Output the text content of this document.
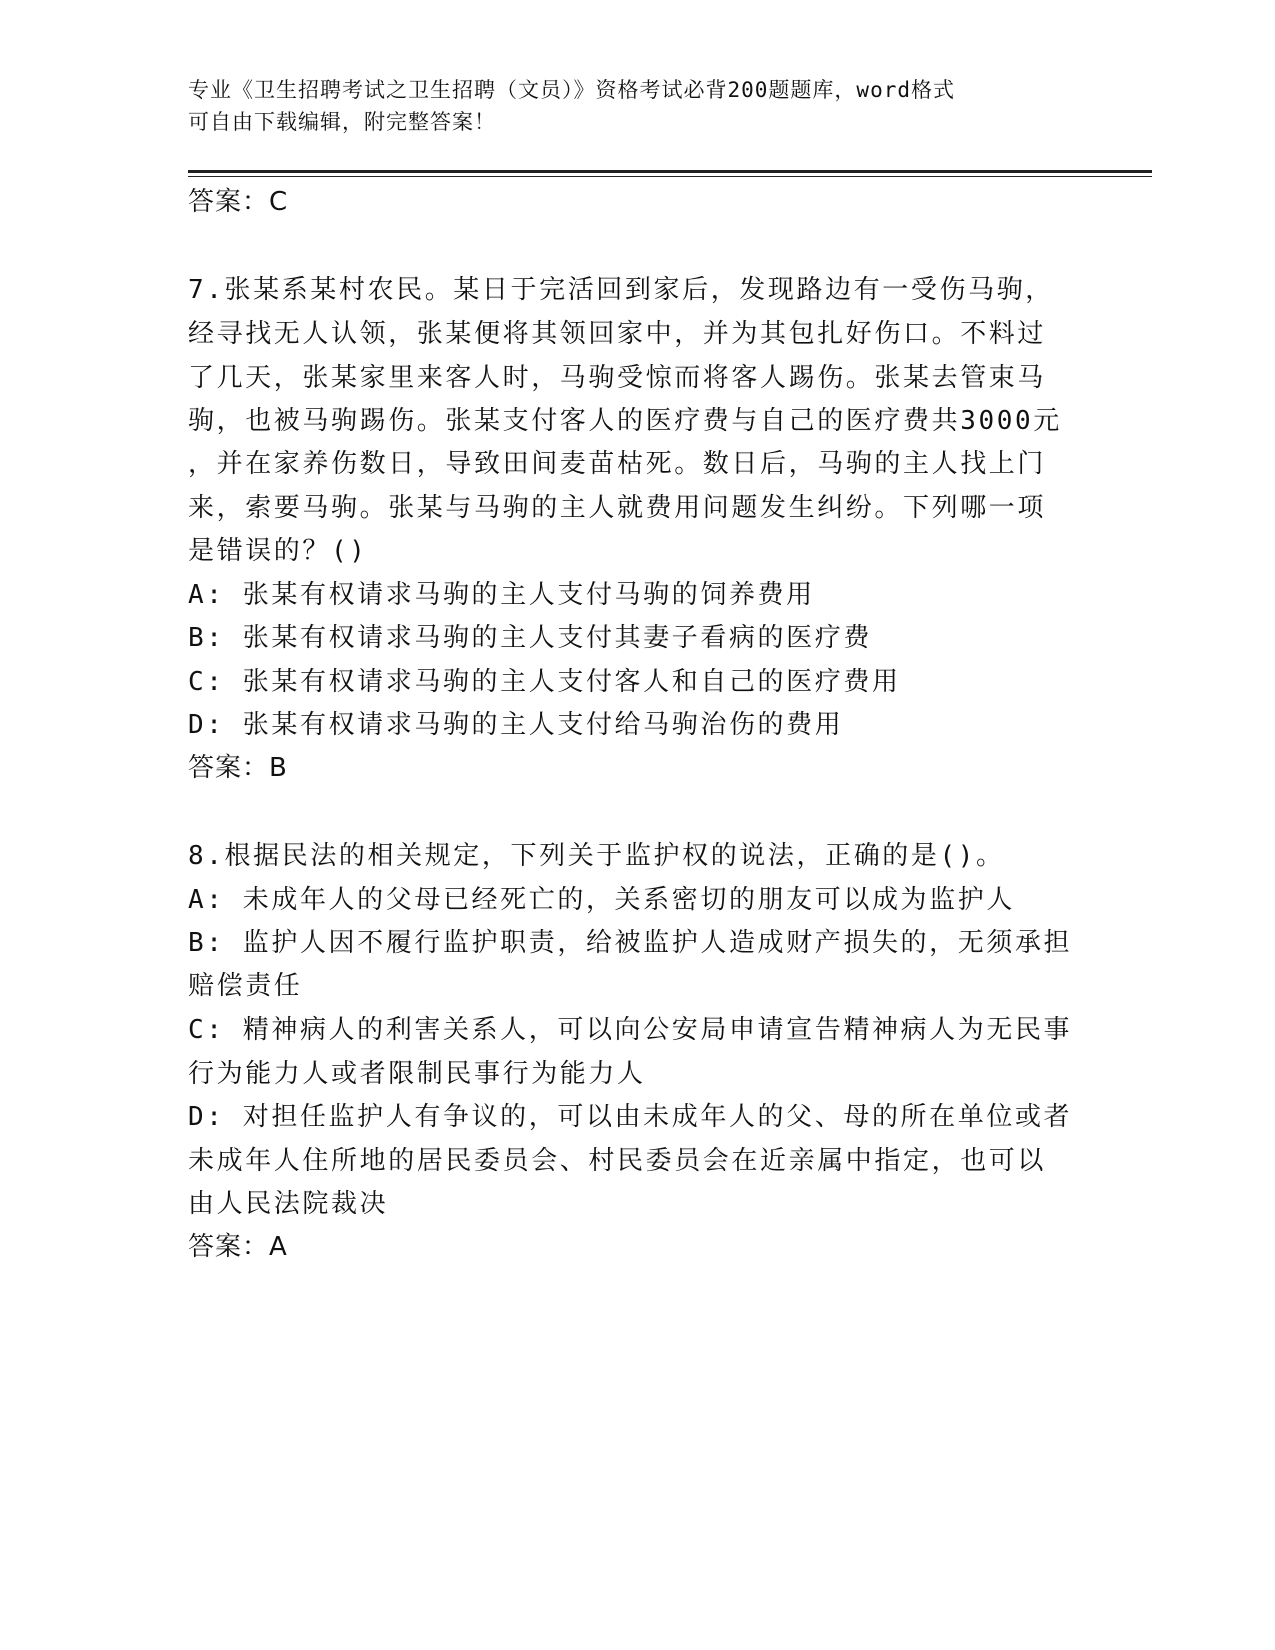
专业《卫生招聘考试之卫生招聘（文员）》资格考试必背200题题库，word格式
可自由下载编辑，附完整答案！
答案：C
7.张某系某村农民。某日于完活回到家后，发现路边有一受伤马驹，
经寻找无人认领，张某便将其领回家中，并为其包扎好伤口。不料过
了几天，张某家里来客人时，马驹受惊而将客人踢伤。张某去管束马
驹，也被马驹踢伤。张某支付客人的医疗费与自己的医疗费共3000元
，并在家养伤数日，导致田间麦苗枯死。数日后，马驹的主人找上门
来，索要马驹。张某与马驹的主人就费用问题发生纠纷。下列哪一项
是错误的？()
A: 张某有权请求马驹的主人支付马驹的饲养费用
B: 张某有权请求马驹的主人支付其妻子看病的医疗费
C: 张某有权请求马驹的主人支付客人和自己的医疗费用
D: 张某有权请求马驹的主人支付给马驹治伤的费用
答案：B
8.根据民法的相关规定，下列关于监护权的说法，正确的是()。
A: 未成年人的父母已经死亡的，关系密切的朋友可以成为监护人
B: 监护人因不履行监护职责，给被监护人造成财产损失的，无须承担
赔偿责任
C: 精神病人的利害关系人，可以向公安局申请宣告精神病人为无民事
行为能力人或者限制民事行为能力人
D: 对担任监护人有争议的，可以由未成年人的父、母的所在单位或者
未成年人住所地的居民委员会、村民委员会在近亲属中指定，也可以
由人民法院裁决
答案：A
